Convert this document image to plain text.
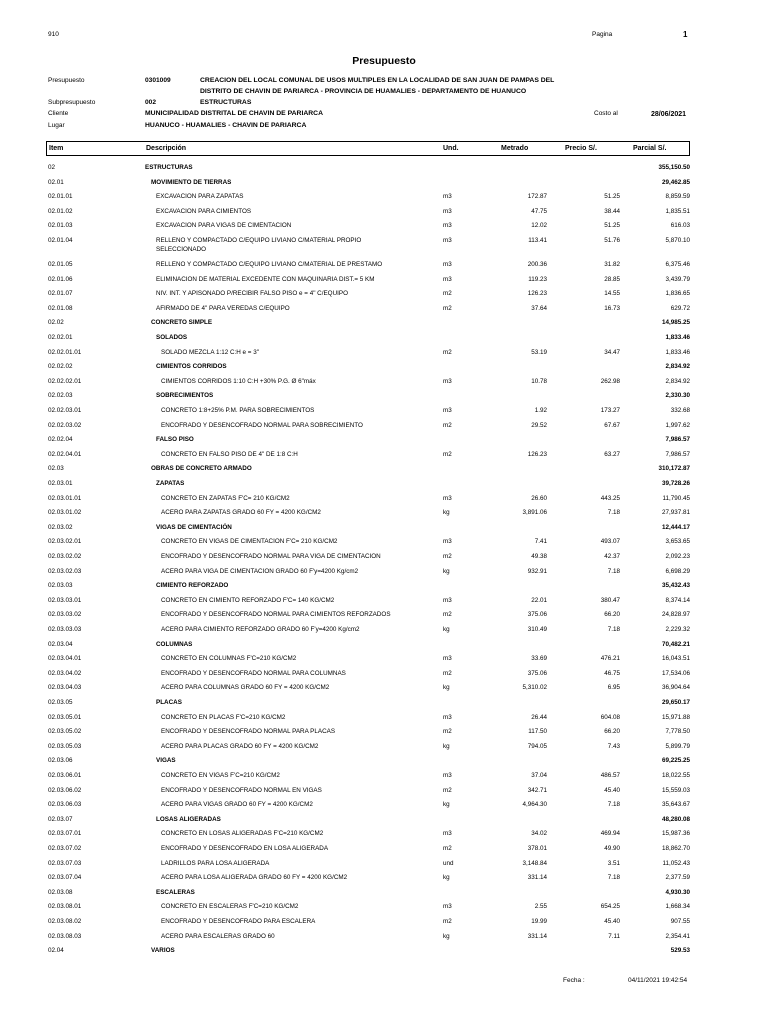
910	Pagina	1
Presupuesto
Presupuesto	0301009	CREACION DEL LOCAL COMUNAL DE USOS MULTIPLES EN LA LOCALIDAD DE SAN JUAN DE PAMPAS DEL
DISTRITO DE CHAVIN DE PARIARCA - PROVINCIA DE HUAMALIES - DEPARTAMENTO DE HUANUCO
Subpresupuesto	002	ESTRUCTURAS
Cliente	MUNICIPALIDAD DISTRITAL DE CHAVIN DE PARIARCA	Costo al	28/06/2021
Lugar	HUANUCO - HUAMALIES - CHAVIN DE PARIARCA
Item	Descripción	Und.	Metrado	Precio S/.	Parcial S/.
02	ESTRUCTURAS	355,150.50
02.01	MOVIMIENTO DE TIERRAS	29,462.85
02.01.01	EXCAVACION PARA ZAPATAS	m3	172.87	51.25	8,859.59
02.01.02	EXCAVACION PARA CIMIENTOS	m3	47.75	38.44	1,835.51
02.01.03	EXCAVACION PARA VIGAS DE CIMENTACION	m3	12.02	51.25	616.03
02.01.04	RELLENO Y COMPACTADO C/EQUIPO LIVIANO C/MATERIAL PROPIO SELECCIONADO
m3	113.41	51.76	5,870.10
02.01.05	RELLENO Y COMPACTADO C/EQUIPO LIVIANO C/MATERIAL DE PRESTAMO	m3	200.36	31.82	6,375.46
02.01.06	ELIMINACION DE MATERIAL EXCEDENTE CON MAQUINARIA DIST.= 5 KM	m3	119.23	28.85	3,439.79
02.01.07	NIV. INT. Y APISONADO P/RECIBIR FALSO PISO e = 4" C/EQUIPO	m2	126.23	14.55	1,836.65
02.01.08	AFIRMADO DE 4" PARA VEREDAS C/EQUIPO	m2	37.64	16.73	629.72
02.02	CONCRETO SIMPLE	14,985.25
02.02.01	SOLADOS	1,833.46
02.02.01.01	SOLADO MEZCLA 1:12 C:H e = 3"	m2	53.19	34.47	1,833.46
02.02.02	CIMIENTOS CORRIDOS	2,834.92
02.02.02.01	CIMIENTOS CORRIDOS 1:10 C:H +30% P.G. Ø 6"máx	m3	10.78	262.98	2,834.92
02.02.03	SOBRECIMIENTOS	2,330.30
02.02.03.01	CONCRETO 1:8+25% P.M. PARA SOBRECIMIENTOS	m3	1.92	173.27	332.68
02.02.03.02	ENCOFRADO Y DESENCOFRADO NORMAL PARA SOBRECIMIENTO	m2	29.52	67.67	1,997.62
02.02.04	FALSO PISO	7,986.57
02.02.04.01	CONCRETO EN FALSO PISO DE 4" DE 1:8 C:H	m2	126.23	63.27	7,986.57
02.03	OBRAS DE CONCRETO ARMADO	310,172.87
02.03.01	ZAPATAS	39,728.26
02.03.01.01	CONCRETO EN ZAPATAS F'C= 210 KG/CM2	m3	26.60	443.25	11,790.45
02.03.01.02	ACERO PARA ZAPATAS GRADO 60 FY = 4200 KG/CM2	kg	3,891.06	7.18	27,937.81
02.03.02	VIGAS DE CIMENTACIÓN	12,444.17
02.03.02.01	CONCRETO EN VIGAS DE CIMENTACION F'C= 210 KG/CM2	m3	7.41	493.07	3,653.65
02.03.02.02	ENCOFRADO Y DESENCOFRADO NORMAL PARA VIGA DE CIMENTACION	m2	49.38	42.37	2,092.23
02.03.02.03	ACERO PARA VIGA DE CIMENTACION GRADO 60 F'y=4200 Kg/cm2	kg	932.91	7.18	6,698.29
02.03.03	CIMIENTO REFORZADO	35,432.43
02.03.03.01	CONCRETO EN CIMIENTO REFORZADO F'C= 140 KG/CM2	m3	22.01	380.47	8,374.14
02.03.03.02	ENCOFRADO Y DESENCOFRADO NORMAL PARA CIMIENTOS REFORZADOS	m2	375.06	66.20	24,828.97
02.03.03.03	ACERO PARA CIMIENTO REFORZADO GRADO 60 F'y=4200 Kg/cm2	kg	310.49	7.18	2,229.32
02.03.04	COLUMNAS	70,482.21
02.03.04.01	CONCRETO EN COLUMNAS F'C=210 KG/CM2	m3	33.69	476.21	16,043.51
02.03.04.02	ENCOFRADO Y DESENCOFRADO NORMAL PARA COLUMNAS	m2	375.06	46.75	17,534.06
02.03.04.03	ACERO PARA COLUMNAS GRADO 60 FY = 4200 KG/CM2	kg	5,310.02	6.95	36,904.64
02.03.05	PLACAS	29,650.17
02.03.05.01	CONCRETO EN PLACAS F'C=210 KG/CM2	m3	26.44	604.08	15,971.88
02.03.05.02	ENCOFRADO Y DESENCOFRADO NORMAL PARA PLACAS	m2	117.50	66.20	7,778.50
02.03.05.03	ACERO PARA PLACAS GRADO 60 FY = 4200 KG/CM2	kg	794.05	7.43	5,899.79
02.03.06	VIGAS	69,225.25
02.03.06.01	CONCRETO EN VIGAS F'C=210 KG/CM2	m3	37.04	486.57	18,022.55
02.03.06.02	ENCOFRADO Y DESENCOFRADO NORMAL EN VIGAS	m2	342.71	45.40	15,559.03
02.03.06.03	ACERO PARA VIGAS GRADO 60 FY = 4200 KG/CM2	kg	4,964.30	7.18	35,643.67
02.03.07	LOSAS ALIGERADAS	48,280.08
02.03.07.01	CONCRETO EN LOSAS ALIGERADAS F'C=210 KG/CM2	m3	34.02	469.94	15,987.36
02.03.07.02	ENCOFRADO Y DESENCOFRADO EN LOSA ALIGERADA	m2	378.01	49.90	18,862.70
02.03.07.03	LADRILLOS PARA LOSA ALIGERADA	und	3,148.84	3.51	11,052.43
02.03.07.04	ACERO PARA LOSA ALIGERADA GRADO 60 FY = 4200 KG/CM2	kg	331.14	7.18	2,377.59
02.03.08	ESCALERAS	4,930.30
02.03.08.01	CONCRETO EN ESCALERAS F'C=210 KG/CM2	m3	2.55	654.25	1,668.34
02.03.08.02	ENCOFRADO Y DESENCOFRADO PARA ESCALERA	m2	19.99	45.40	907.55
02.03.08.03	ACERO PARA ESCALERAS GRADO 60	kg	331.14	7.11	2,354.41
02.04	VARIOS	529.53
Fecha :	04/11/2021 19:42:54
